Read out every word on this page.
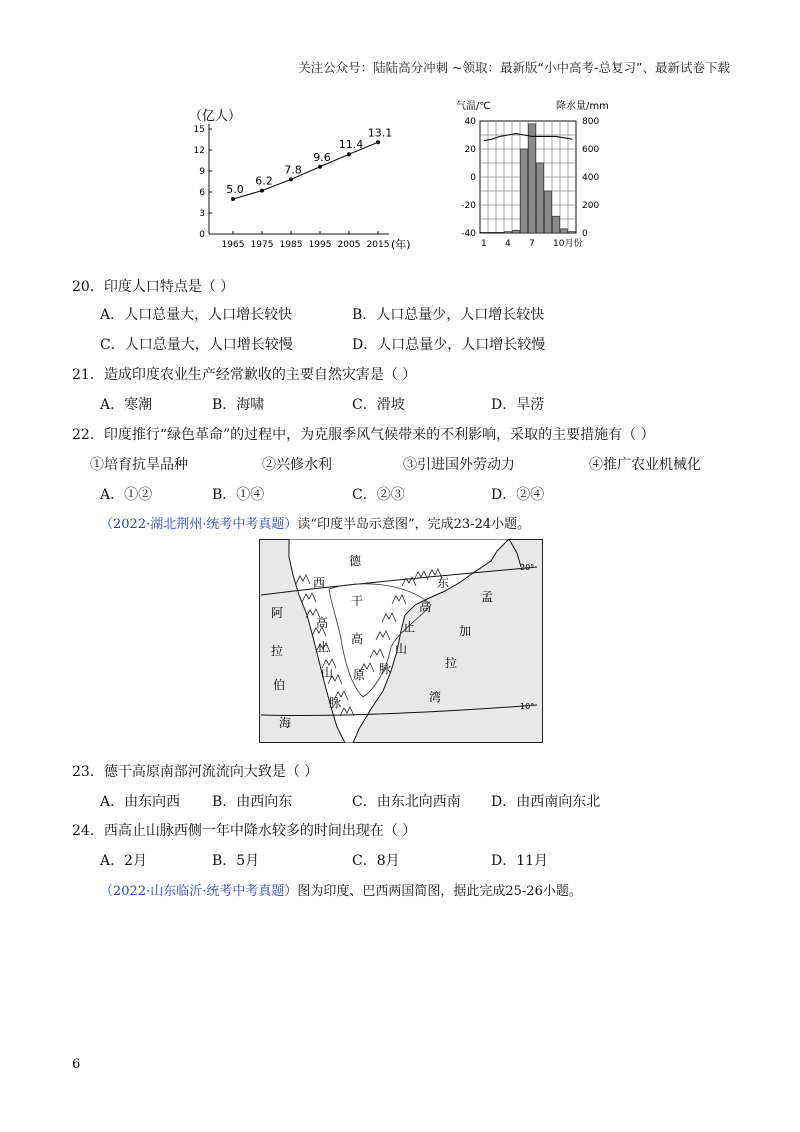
关注公众号：陆陆高分冲刺 ~领取：最新版“小中高考-总复习”、最新试卷下载
（亿人）
0
3
6
9
12
15
1965 1975 1985 1995 2005 2015 (年)
5.0
6.2
7.8
9.6
11.4
13.1
气温/℃	降水量/mm
40
20
0
-20
-40
800
600
400
200
0
1 4 7 10月份
20．印度人口特点是（ ）
A．人口总量大，人口增长较快	B．人口总量少，人口增长较快
C．人口总量大，人口增长较慢	D．人口总量少，人口增长较慢
21．造成印度农业生产经常歉收的主要自然灾害是（ ）
A．寒潮	B．海啸	C．滑坡	D．旱涝
22．印度推行“绿色革命”的过程中，为克服季风气候带来的不利影响，采取的主要措施有（ ）
①培育抗旱品种	②兴修水利	③引进国外劳动力	④推广农业机械化
A．①②	B．①④	C．②③	D．②④
（2022·湖北荆州·统考中考真题）读“印度半岛示意图”，完成23-24小题。
20°
10°
德
干
高
原
西
高
止
山
脉
东
高
止
山
脉
阿
拉
伯
海
孟
加
拉
湾
23．德干高原南部河流流向大致是（ ）
A．由东向西 B．由西向东	C．由东北向西南 D．由西南向东北
24．西高止山脉西侧一年中降水较多的时间出现在（ ）
A．2月	B．5月	C．8月	D．11月
（2022·山东临沂·统考中考真题）图为印度、巴西两国简图，据此完成25-26小题。
6
